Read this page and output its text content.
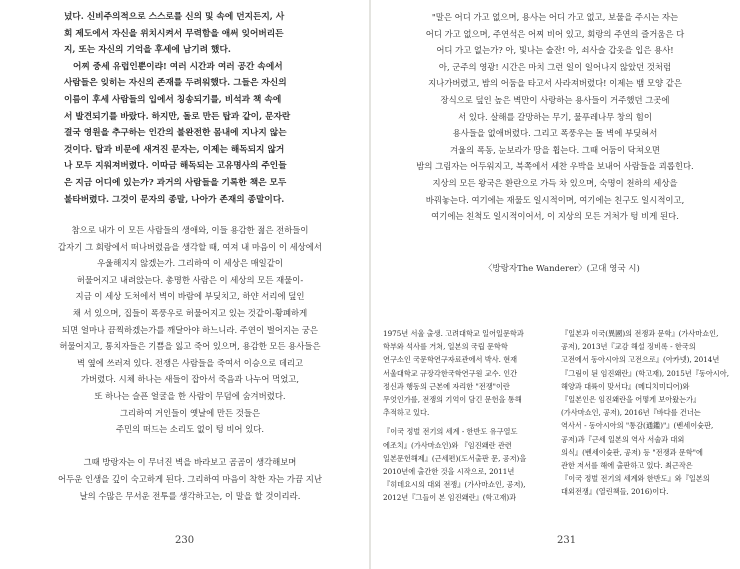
넜다. 신비주의적으로 스스로를 신의 및 속에 던지든지, 사
회 제도에서 자신을 위치시켜서 무력함을 애써 잊어버리든
지, 또는 자신의 기억을 후세에 남기려 했다.
어찌 중세 유럽인뿐이랴! 여러 시간과 여러 공간 속에서
사람들은 잊히는 자신의 존재를 두려워했다. 그들은 자신의
이름이 후세 사람들의 입에서 칭송되기를, 비석과 책 속에
서 발견되기를 바랐다. 하지만, 돌로 만든 탑과 같이, 문자란
결국 영원을 추구하는 인간의 불완전한 몸내에 지나지 않는
것이다. 탑과 비문에 새겨진 문자는, 이제는 해독되지 않거
나 모두 지워져버렸다. 이따금 해독되는 고유명사의 주인들
은 지금 어디에 있는가? 과거의 사람들을 기록한 책은 모두
불타버렸다. 그것이 문자의 종말, 나아가 존재의 종말이다.
참으로 내가 이 모든 사람들의 생애와, 이들 용감한 젊은 전하들이
갑자기 그 회랑에서 떠나버렸음을 생각할 때, 여져 내 마음이 이 세상에서
우울해지지 않겠는가. 그리하여 이 세상은 매일같이
허물어지고 내려앉는다. 총명한 사람은 이 세상의 모든 재물이-
지금 이 세상 도처에서 벽이 바람에 부딪치고, 하얀 서리에 덮인
채 서 있으며, 집들이 폭풍우로 허물어지고 있는 것같이-황폐하게
되면 얼마나 끔찍하겠는가를 깨달아야 하느니라. 주연이 벌어지는 궁은
허물어지고, 통치자들은 기쁨을 잃고 죽어 있으며, 용감한 모든 용사들은
벽 옆에 쓰러져 있다. 전쟁은 사람들을 죽여서 이승으로 데리고
가버렸다. 시체 하나는 새들이 잡아서 죽음과 나누어 먹었고,
또 하나는 슬픈 얼굴을 한 사람이 무덤에 숨겨버렸다.
그리하여 거인들이 옛날에 만든 것들은
주민의 떠드는 소리도 없이 텅 비어 있다.
그때 방랑자는 이 무너진 벽을 바라보고 곰곰이 생각해보며
어두운 인생을 깊이 숙고하게 된다. 그리하여 마음이 착한 자는 가끔 지난
날의 수많은 무서운 전투를 생각하고는, 이 말을 할 것이리라.
230
"말은 어디 가고 없으며, 용사는 어디 가고 없고, 보물을 주시는 자는
어디 가고 없으며, 주연석은 어찌 비어 있고, 회랑의 주연의 즐거움은 다
어디 가고 없는가? 아, 빛나는 술잔! 아, 쇠사슬 갑옷을 입은 용사!
아, 군주의 영광! 시간은 마치 그런 일이 일어나지 않았던 것처럼
지나가버렸고, 밤의 어둠을 타고서 사라져버렸다! 이제는 뱀 모양 같은
장식으로 덮인 높은 벽만이 사랑하는 용사들이 거주했던 그곳에
서 있다. 살해를 갈망하는 무기, 물푸레나무 창의 힘이
용사들을 없애버렸다. 그리고 폭풍우는 돌 벽에 부딪혀서
겨울의 폭동, 눈보라가 땅을 휩는다. 그때 어둠이 닥쳐오면
밤의 그림자는 어두워지고, 북쪽에서 세찬 우박을 보내어 사람들을 괴롭힌다.
지상의 모든 왕국은 환란으로 가득 차 있으며, 숙명이 천하의 세상을
바꿔놓는다. 여기에는 재물도 일시적이며, 여기에는 친구도 일시적이고,
여기에는 친척도 일시적이어서, 이 지상의 모든 거처가 텅 비게 된다.
〈방랑자The Wanderer〉(고대 영국 시)
1975년 서울 출생. 고려대학교 일어일문학과
학부와 석사를 거쳐, 일본의 국립 문학학
연구소인 국문학연구자료관에서 박사. 현재
서울대학교 규장각한국학연구원 교수. 인간
정신과 행동의 근본에 자리한 "전쟁"이란
무엇인가를, 전쟁의 기억이 담긴 문헌을 통해
추적하고 있다.
『이국 정벌 전기의 세계 - 한반도 유구열도
에조치』(가사마쇼인)와 『임진왜란 관련
일본문헌해제』(근세편)(도서출판 문, 공저)을
2010년에 출간한 것을 시작으로, 2011년
『히데요시의 대외 전쟁』(가사마쇼인, 공저),
2012년『그들이 본 임진왜란』(학고재)과
『일본과 이국(異國)의 전쟁과 문학』(가사마쇼인,
공저), 2013년『교감 해설 징비록 - 한국의
고전에서 동아시아의 고전으로』(아카넷), 2014년
『그림이 된 임진왜란』(학고재), 2015년『동아시아,
해양과 대륙이 맞서다』(메디치미디어)와
『일본인은 임진왜란을 어떻게 보아왔는가』
(가사마쇼인, 공저), 2016년『바다를 건너는
역사서 - 동아시아의 "통감(通鑑)"』(벤세이슛판,
공저)과『근세 일본의 역사 서술과 대외
의식』(벤세이슛판, 공저) 등 "전쟁과 문학"에
관한 저서를 해에 출판하고 있다. 최근작은
『이국 정벌 전기의 세계와 한반도』와『일본의
대외전쟁』(열린책들, 2016)이다.
231
